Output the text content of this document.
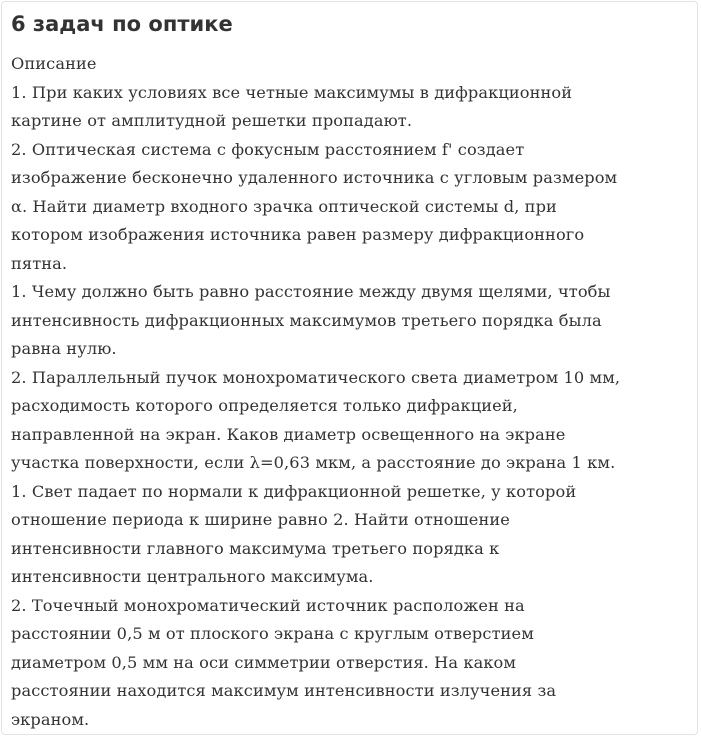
6 задач по оптике
Описание
1. При каких условиях все четные максимумы в дифракционной
картине от амплитудной решетки пропадают.
2. Оптическая система с фокусным расстоянием f' создает
изображение бесконечно удаленного источника с угловым размером
α. Найти диаметр входного зрачка оптической системы d, при
котором изображения источника равен размеру дифракционного
пятна.
1. Чему должно быть равно расстояние между двумя щелями, чтобы
интенсивность дифракционных максимумов третьего порядка была
равна нулю.
2. Параллельный пучок монохроматического света диаметром 10 мм,
расходимость которого определяется только дифракцией,
направленной на экран. Каков диаметр освещенного на экране
участка поверхности, если λ=0,63 мкм, а расстояние до экрана 1 км.
1. Свет падает по нормали к дифракционной решетке, у которой
отношение периода к ширине равно 2. Найти отношение
интенсивности главного максимума третьего порядка к
интенсивности центрального максимума.
2. Точечный монохроматический источник расположен на
расстоянии 0,5 м от плоского экрана с круглым отверстием
диаметром 0,5 мм на оси симметрии отверстия. На каком
расстоянии находится максимум интенсивности излучения за
экраном.
